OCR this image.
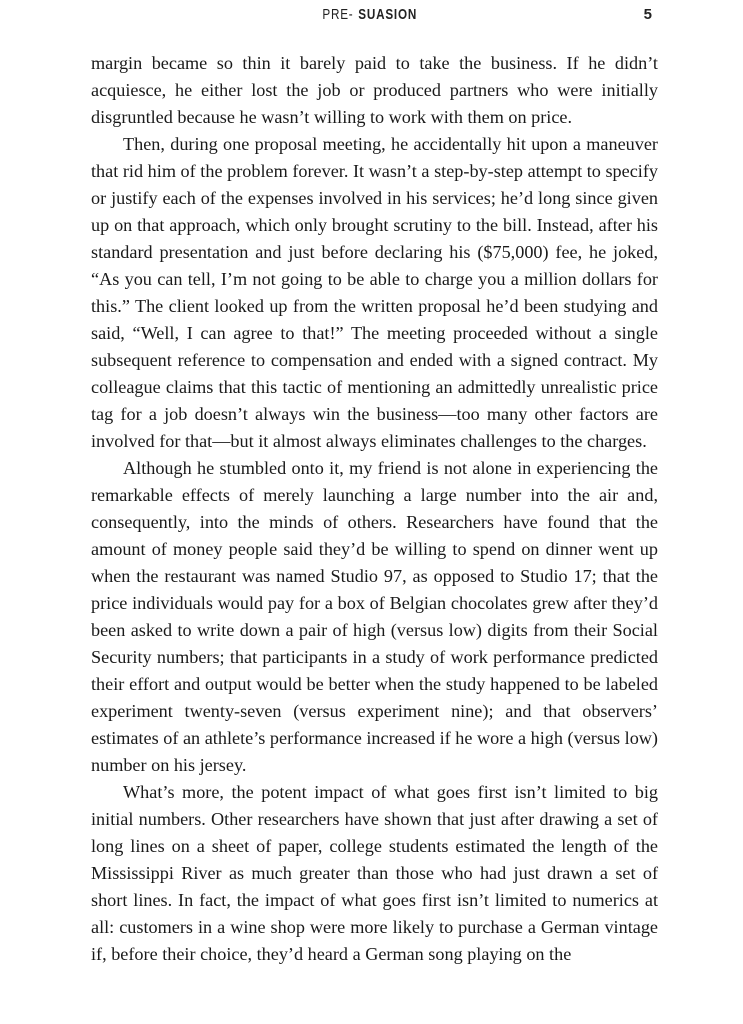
PRE- SUASION	5

margin became so thin it barely paid to take the business. If he didn’t acquiesce, he either lost the job or produced partners who were initially disgruntled because he wasn’t willing to work with them on price.

Then, during one proposal meeting, he accidentally hit upon a maneuver that rid him of the problem forever. It wasn’t a step-by-step attempt to specify or justify each of the expenses involved in his services; he’d long since given up on that approach, which only brought scrutiny to the bill. Instead, after his standard presentation and just before declaring his ($75,000) fee, he joked, “As you can tell, I’m not going to be able to charge you a million dollars for this.” The client looked up from the written proposal he’d been studying and said, “Well, I can agree to that!” The meeting proceeded without a single subsequent reference to compensation and ended with a signed contract. My colleague claims that this tactic of mentioning an admittedly unrealistic price tag for a job doesn’t always win the business—too many other factors are involved for that—but it almost always eliminates challenges to the charges.

Although he stumbled onto it, my friend is not alone in experiencing the remarkable effects of merely launching a large number into the air and, consequently, into the minds of others. Researchers have found that the amount of money people said they’d be willing to spend on dinner went up when the restaurant was named Studio 97, as opposed to Studio 17; that the price individuals would pay for a box of Belgian chocolates grew after they’d been asked to write down a pair of high (versus low) digits from their Social Security numbers; that participants in a study of work performance predicted their effort and output would be better when the study happened to be labeled experiment twenty-seven (versus experiment nine); and that observers’ estimates of an athlete’s performance increased if he wore a high (versus low) number on his jersey.

What’s more, the potent impact of what goes first isn’t limited to big initial numbers. Other researchers have shown that just after drawing a set of long lines on a sheet of paper, college students estimated the length of the Mississippi River as much greater than those who had just drawn a set of short lines. In fact, the impact of what goes first isn’t limited to numerics at all: customers in a wine shop were more likely to purchase a German vintage if, before their choice, they’d heard a German song playing on the
